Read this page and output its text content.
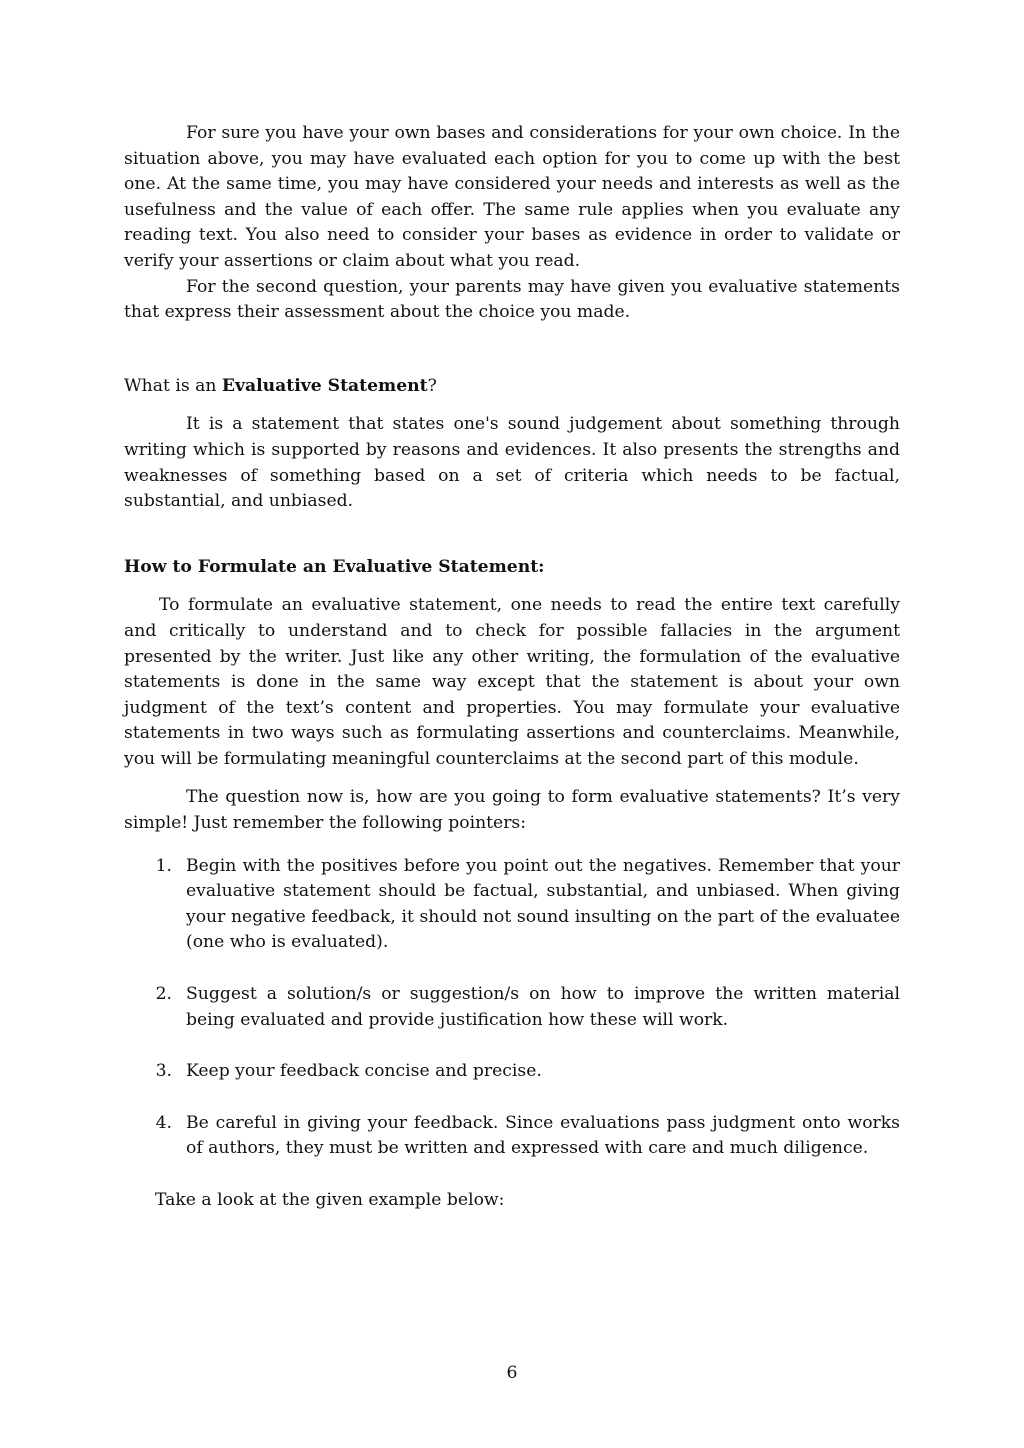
For sure you have your own bases and considerations for your own choice. In the situation above, you may have evaluated each option for you to come up with the best one. At the same time, you may have considered your needs and interests as well as the usefulness and the value of each offer. The same rule applies when you evaluate any reading text. You also need to consider your bases as evidence in order to validate or verify your assertions or claim about what you read.

For the second question, your parents may have given you evaluative statements that express their assessment about the choice you made.

What is an Evaluative Statement?

It is a statement that states one's sound judgement about something through writing which is supported by reasons and evidences. It also presents the strengths and weaknesses of something based on a set of criteria which needs to be factual, substantial, and unbiased.

How to Formulate an Evaluative Statement:

To formulate an evaluative statement, one needs to read the entire text carefully and critically to understand and to check for possible fallacies in the argument presented by the writer. Just like any other writing, the formulation of the evaluative statements is done in the same way except that the statement is about your own judgment of the text’s content and properties. You may formulate your evaluative statements in two ways such as formulating assertions and counterclaims. Meanwhile, you will be formulating meaningful counterclaims at the second part of this module.

The question now is, how are you going to form evaluative statements? It’s very simple! Just remember the following pointers:

1. Begin with the positives before you point out the negatives. Remember that your evaluative statement should be factual, substantial, and unbiased. When giving your negative feedback, it should not sound insulting on the part of the evaluatee (one who is evaluated).
2. Suggest a solution/s or suggestion/s on how to improve the written material being evaluated and provide justification how these will work.
3. Keep your feedback concise and precise.
4. Be careful in giving your feedback. Since evaluations pass judgment onto works of authors, they must be written and expressed with care and much diligence.

Take a look at the given example below:

6
